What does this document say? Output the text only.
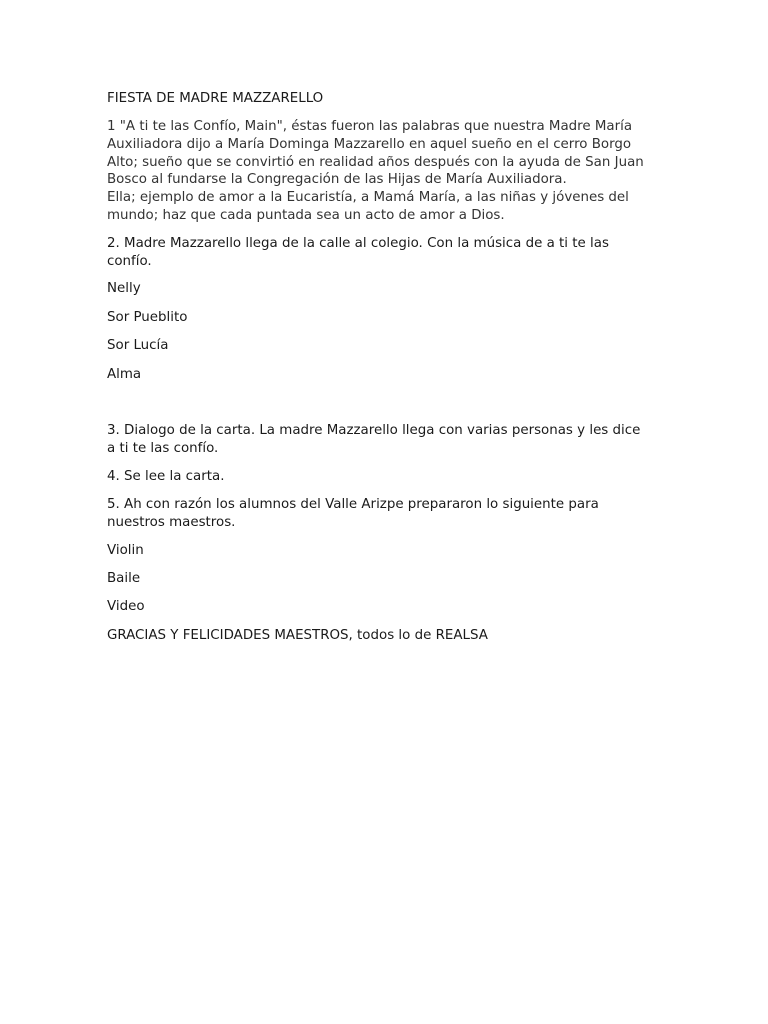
FIESTA DE MADRE MAZZARELLO
1 "A ti te las Confío, Main", éstas fueron las palabras que nuestra Madre María
Auxiliadora dijo a María Dominga Mazzarello en aquel sueño en el cerro Borgo
Alto; sueño que se convirtió en realidad años después con la ayuda de San Juan
Bosco al fundarse la Congregación de las Hijas de María Auxiliadora.
Ella; ejemplo de amor a la Eucaristía, a Mamá María, a las niñas y jóvenes del
mundo; haz que cada puntada sea un acto de amor a Dios.
2. Madre Mazzarello llega de la calle al colegio. Con la música de a ti te las
confío.
Nelly
Sor Pueblito
Sor Lucía
Alma
3. Dialogo de la carta. La madre Mazzarello llega con varias personas y les dice
a ti te las confío.
4. Se lee la carta.
5. Ah con razón los alumnos del Valle Arizpe prepararon lo siguiente para
nuestros maestros.
Violin
Baile
Video
GRACIAS Y FELICIDADES MAESTROS, todos lo de REALSA
